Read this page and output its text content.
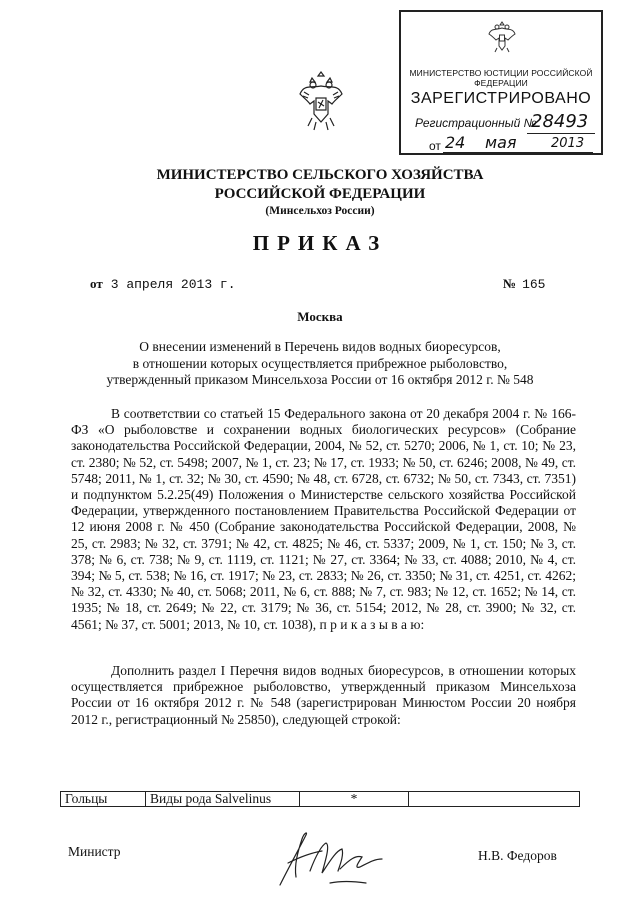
МИНИСТЕРСТВО ЮСТИЦИИ РОССИЙСКОЙ ФЕДЕРАЦИИ
ЗАРЕГИСТРИРОВАНО
Регистрационный №
28493
от 24 мая	2013
МИНИСТЕРСТВО СЕЛЬСКОГО ХОЗЯЙСТВА
РОССИЙСКОЙ ФЕДЕРАЦИИ
(Минсельхоз России)
ПРИКАЗ
от 3 апреля 2013 г.	№ 165
Москва
О внесении изменений в Перечень видов водных биоресурсов,
в отношении которых осуществляется прибрежное рыболовство,
утвержденный приказом Минсельхоза России от 16 октября 2012 г. № 548
В соответствии со статьей 15 Федерального закона от 20 декабря 2004 г. № 166-ФЗ «О рыболовстве и сохранении водных биологических ресурсов» (Собрание законодательства Российской Федерации, 2004, № 52, ст. 5270; 2006, № 1, ст. 10; № 23, ст. 2380; № 52, ст. 5498; 2007, № 1, ст. 23; № 17, ст. 1933; № 50, ст. 6246; 2008, № 49, ст. 5748; 2011, № 1, ст. 32; № 30, ст. 4590; № 48, ст. 6728, ст. 6732; № 50, ст. 7343, ст. 7351) и подпунктом 5.2.25(49) Положения о Министерстве сельского хозяйства Российской Федерации, утвержденного постановлением Правительства Российской Федерации от 12 июня 2008 г. № 450 (Собрание законодательства Российской Федерации, 2008, № 25, ст. 2983; № 32, ст. 3791; № 42, ст. 4825; № 46, ст. 5337; 2009, № 1, ст. 150; № 3, ст. 378; № 6, ст. 738; № 9, ст. 1119, ст. 1121; № 27, ст. 3364; № 33, ст. 4088; 2010, № 4, ст. 394; № 5, ст. 538; № 16, ст. 1917; № 23, ст. 2833; № 26, ст. 3350; № 31, ст. 4251, ст. 4262; № 32, ст. 4330; № 40, ст. 5068; 2011, № 6, ст. 888; № 7, ст. 983; № 12, ст. 1652; № 14, ст. 1935; № 18, ст. 2649; № 22, ст. 3179; № 36, ст. 5154; 2012, № 28, ст. 3900; № 32, ст. 4561; № 37, ст. 5001; 2013, № 10, ст. 1038), п р и к а з ы в а ю:
Дополнить раздел I Перечня видов водных биоресурсов, в отношении которых осуществляется прибрежное рыболовство, утвержденный приказом Минсельхоза России от 16 октября 2012 г. № 548 (зарегистрирован Минюстом России 20 ноября 2012 г., регистрационный № 25850), следующей строкой:
Гольцы	Виды рода Salvelinus	*	
Министр	Н.В. Федоров
